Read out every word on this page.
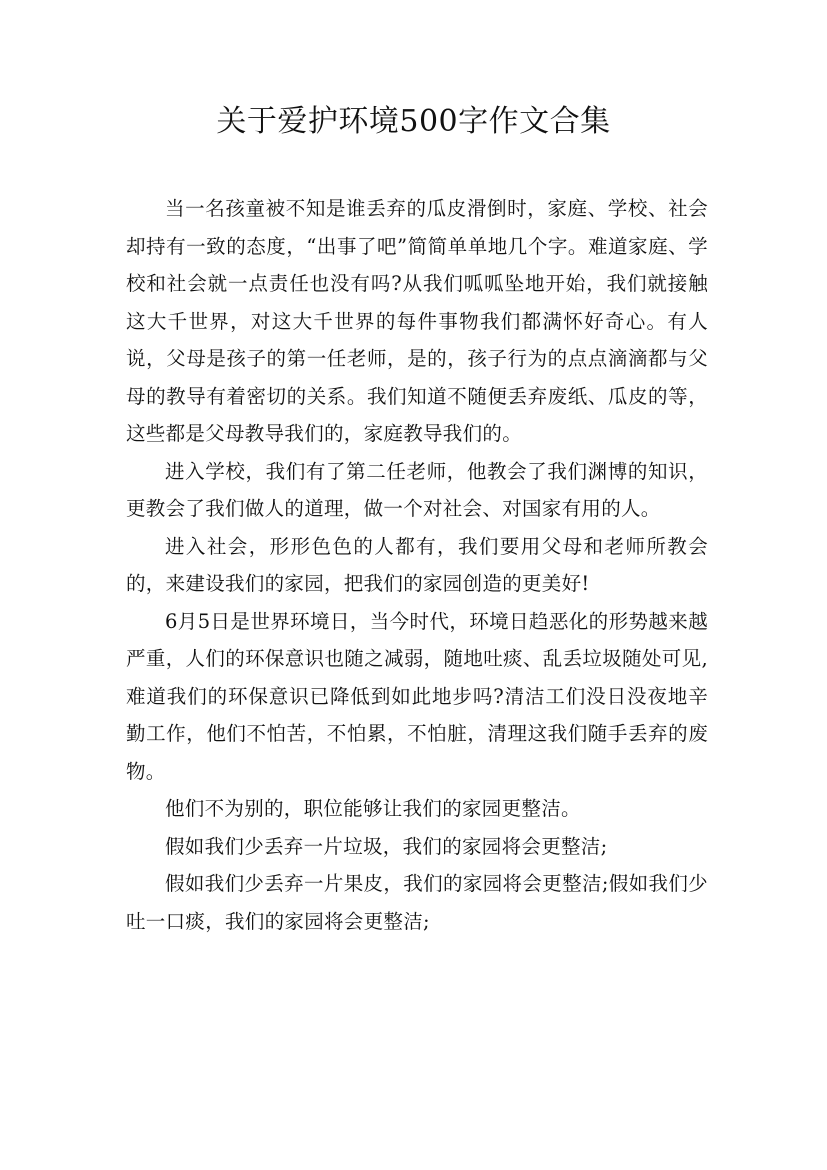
关于爱护环境500字作文合集

当一名孩童被不知是谁丢弃的瓜皮滑倒时，家庭、学校、社会却持有一致的态度，“出事了吧”简简单单地几个字。难道家庭、学校和社会就一点责任也没有吗?从我们呱呱坠地开始，我们就接触这大千世界，对这大千世界的每件事物我们都满怀好奇心。有人说，父母是孩子的第一任老师，是的，孩子行为的点点滴滴都与父母的教导有着密切的关系。我们知道不随便丢弃废纸、瓜皮的等，这些都是父母教导我们的，家庭教导我们的。

进入学校，我们有了第二任老师，他教会了我们渊博的知识，更教会了我们做人的道理，做一个对社会、对国家有用的人。

进入社会，形形色色的人都有，我们要用父母和老师所教会的，来建设我们的家园，把我们的家园创造的更美好!

6月5日是世界环境日，当今时代，环境日趋恶化的形势越来越严重，人们的环保意识也随之减弱，随地吐痰、乱丢垃圾随处可见,难道我们的环保意识已降低到如此地步吗?清洁工们没日没夜地辛勤工作，他们不怕苦，不怕累，不怕脏，清理这我们随手丢弃的废物。

他们不为别的，职位能够让我们的家园更整洁。

假如我们少丢弃一片垃圾，我们的家园将会更整洁;

假如我们少丢弃一片果皮，我们的家园将会更整洁;假如我们少吐一口痰，我们的家园将会更整洁;
